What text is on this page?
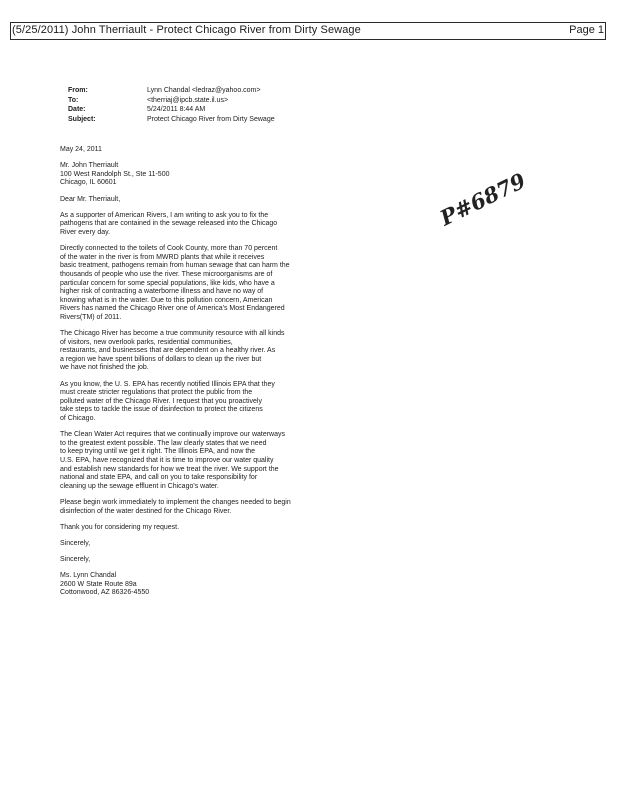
(5/25/2011) John Therriault - Protect Chicago River from Dirty Sewage	Page 1
From:	Lynn Chandal <ledraz@yahoo.com>
To:	<therriaj@ipcb.state.il.us>
Date:	5/24/2011 8:44 AM
Subject:	Protect Chicago River from Dirty Sewage

May 24, 2011

Mr. John Therriault
100 West Randolph St., Ste 11-500
Chicago, IL 60601

Dear Mr. Therriault,

As a supporter of American Rivers, I am writing to ask you to fix the
pathogens that are contained in the sewage released into the Chicago
River every day.

Directly connected to the toilets of Cook County, more than 70 percent
of the water in the river is from MWRD plants that while it receives
basic treatment, pathogens remain from human sewage that can harm the
thousands of people who use the river. These microorganisms are of
particular concern for some special populations, like kids, who have a
higher risk of contracting a waterborne illness and have no way of
knowing what is in the water. Due to this pollution concern, American
Rivers has named the Chicago River one of America's Most Endangered
Rivers(TM) of 2011.

The Chicago River has become a true community resource with all kinds
of visitors, new overlook parks, residential communities,
restaurants, and businesses that are dependent on a healthy river. As
a region we have spent billions of dollars to clean up the river but
we have not finished the job.

As you know, the U. S. EPA has recently notified Illinois EPA that they
must create stricter regulations that protect the public from the
polluted water of the Chicago River. I request that you proactively
take steps to tackle the issue of disinfection to protect the citizens
of Chicago.

The Clean Water Act requires that we continually improve our waterways
to the greatest extent possible. The law clearly states that we need
to keep trying until we get it right. The Illinois EPA, and now the
U.S. EPA, have recognized that it is time to improve our water quality
and establish new standards for how we treat the river. We support the
national and state EPA, and call on you to take responsibility for
cleaning up the sewage effluent in Chicago's water.

Please begin work immediately to implement the changes needed to begin
disinfection of the water destined for the Chicago River.

Thank you for considering my request.

Sincerely,

Sincerely,

Ms. Lynn Chandal
2600 W State Route 89a
Cottonwood, AZ 86326-4550

P#6879
